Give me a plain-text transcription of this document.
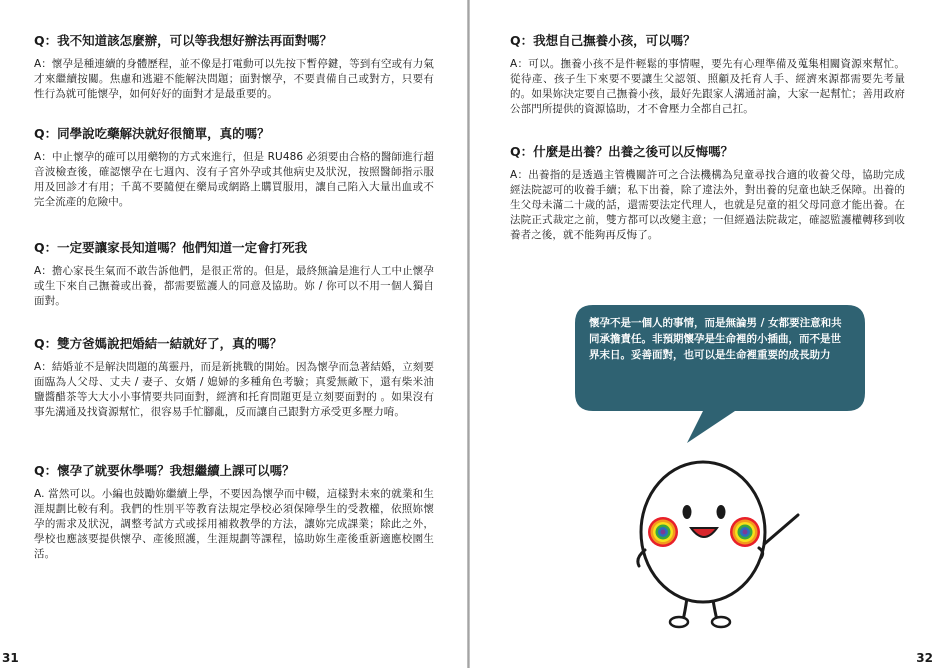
Q：我不知道該怎麼辦，可以等我想好辦法再面對嗎？

A：懷孕是種連續的身體歷程，並不像是打電動可以先按下暫停鍵，等到有空或有力氣才來繼續按關。焦慮和逃避不能解決問題；面對懷孕，不要責備自己或對方，只要有性行為就可能懷孕，如何好好的面對才是最重要的。

Q：同學說吃藥解決就好很簡單，真的嗎？

A：中止懷孕的確可以用藥物的方式來進行，但是 RU486 必須要由合格的醫師進行超音波檢查後，確認懷孕在七週內、沒有子宮外孕或其他病史及狀況，按照醫師指示服用及回診才有用；千萬不要隨便在藥局或網路上購買服用，讓自己陷入大量出血或不完全流產的危險中。

Q：一定要讓家長知道嗎？他們知道一定會打死我

A：擔心家長生氣而不敢告訴他們，是很正常的。但是，最終無論是進行人工中止懷孕或生下來自己撫養或出養，都需要監護人的同意及協助。妳 / 你可以不用一個人獨自面對。

Q：雙方爸媽說把婚結一結就好了，真的嗎？

A：結婚並不是解決問題的萬靈丹，而是新挑戰的開始。因為懷孕而急著結婚，立刻要面臨為人父母、丈夫 / 妻子、女婿 / 媳婦的多種角色考驗；真愛無敵下，還有柴米油鹽醬醋茶等大大小小事情要共同面對，經濟和托育問題更是立刻要面對的 。如果沒有事先溝通及找資源幫忙，很容易手忙腳亂，反而讓自己跟對方承受更多壓力唷。

Q：懷孕了就要休學嗎？我想繼續上課可以嗎？

A. 當然可以。小編也鼓勵妳繼續上學，不要因為懷孕而中輟，這樣對未來的就業和生涯規劃比較有利。我們的性別平等教育法規定學校必須保障學生的受教權，依照妳懷孕的需求及狀況，調整考試方式或採用補救教學的方法，讓妳完成課業；除此之外，學校也應該要提供懷孕、產後照護，生涯規劃等課程，協助妳生產後重新適應校園生活。

31

Q：我想自己撫養小孩，可以嗎？

A：可以。撫養小孩不是件輕鬆的事情喔，要先有心理準備及蒐集相關資源來幫忙。從待產、孩子生下來要不要讓生父認領、照顧及托育人手、經濟來源都需要先考量的。如果妳決定要自己撫養小孩，最好先跟家人溝通討論，大家一起幫忙；善用政府公部門所提供的資源協助，才不會壓力全都自己扛。

Q：什麼是出養？出養之後可以反悔嗎？

A：出養指的是透過主管機關許可之合法機構為兒童尋找合適的收養父母，協助完成經法院認可的收養手續；私下出養，除了違法外，對出養的兒童也缺乏保障。出養的生父母未滿二十歲的話，還需要法定代理人，也就是兒童的祖父母同意才能出養。在法院正式裁定之前，雙方都可以改變主意；一但經過法院裁定，確認監護權轉移到收養者之後，就不能夠再反悔了。

懷孕不是一個人的事情，而是無論男 / 女都要注意和共同承擔責任。非預期懷孕是生命裡的小插曲，而不是世界末日。妥善面對，也可以是生命裡重要的成長助力
32
